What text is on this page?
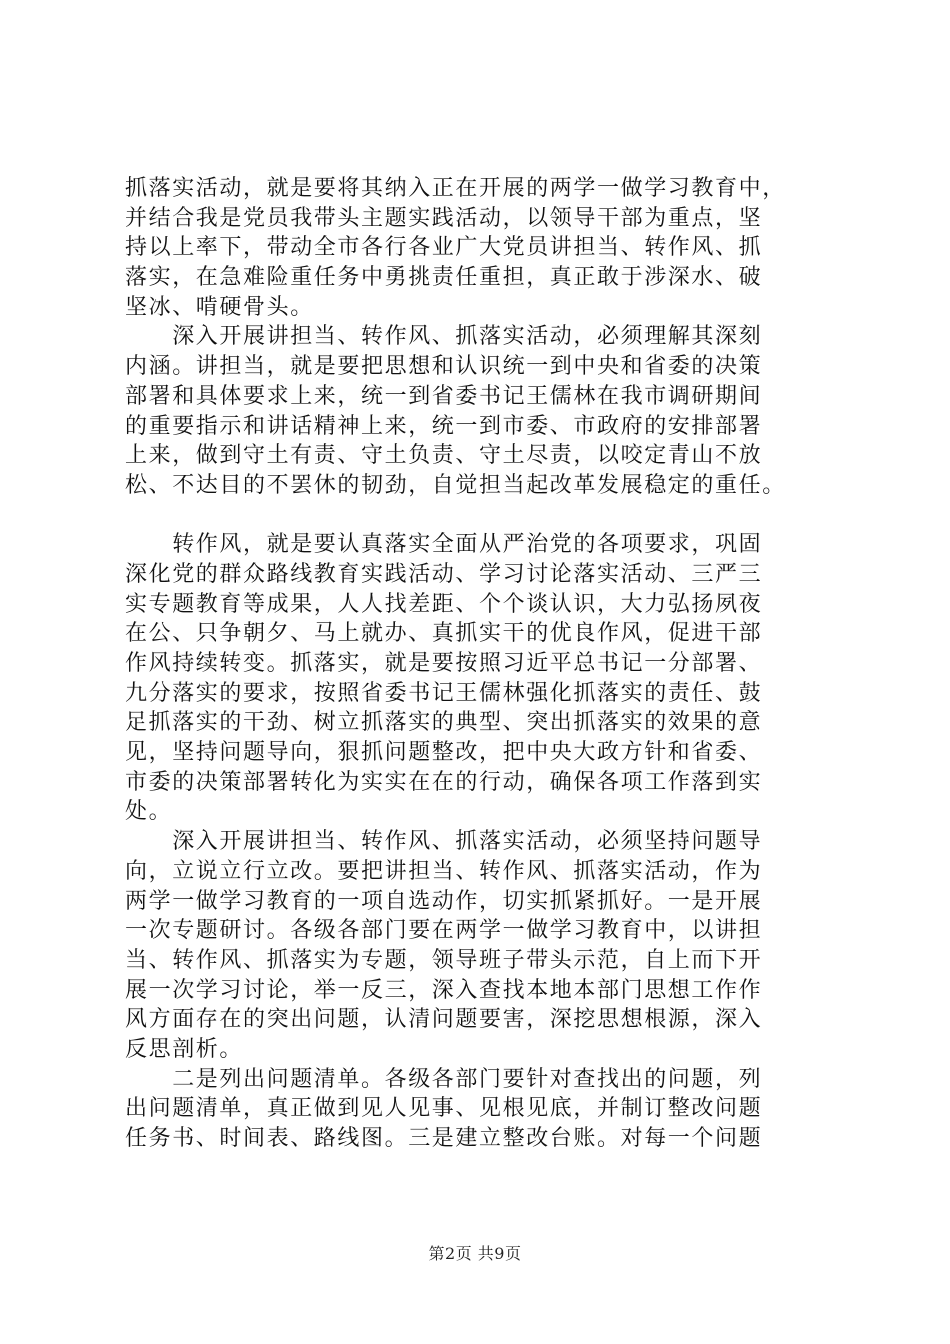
抓落实活动，就是要将其纳入正在开展的两学一做学习教育中，
并结合我是党员我带头主题实践活动，以领导干部为重点，坚
持以上率下，带动全市各行各业广大党员讲担当、转作风、抓
落实，在急难险重任务中勇挑责任重担，真正敢于涉深水、破
坚冰、啃硬骨头。
　　深入开展讲担当、转作风、抓落实活动，必须理解其深刻
内涵。讲担当，就是要把思想和认识统一到中央和省委的决策
部署和具体要求上来，统一到省委书记王儒林在我市调研期间
的重要指示和讲话精神上来，统一到市委、市政府的安排部署
上来，做到守土有责、守土负责、守土尽责，以咬定青山不放
松、不达目的不罢休的韧劲，自觉担当起改革发展稳定的重任。
　　转作风，就是要认真落实全面从严治党的各项要求，巩固
深化党的群众路线教育实践活动、学习讨论落实活动、三严三
实专题教育等成果，人人找差距、个个谈认识，大力弘扬夙夜
在公、只争朝夕、马上就办、真抓实干的优良作风，促进干部
作风持续转变。抓落实，就是要按照习近平总书记一分部署、
九分落实的要求，按照省委书记王儒林强化抓落实的责任、鼓
足抓落实的干劲、树立抓落实的典型、突出抓落实的效果的意
见，坚持问题导向，狠抓问题整改，把中央大政方针和省委、
市委的决策部署转化为实实在在的行动，确保各项工作落到实
处。
　　深入开展讲担当、转作风、抓落实活动，必须坚持问题导
向，立说立行立改。要把讲担当、转作风、抓落实活动，作为
两学一做学习教育的一项自选动作，切实抓紧抓好。一是开展
一次专题研讨。各级各部门要在两学一做学习教育中，以讲担
当、转作风、抓落实为专题，领导班子带头示范，自上而下开
展一次学习讨论，举一反三，深入查找本地本部门思想工作作
风方面存在的突出问题，认清问题要害，深挖思想根源，深入
反思剖析。
　　二是列出问题清单。各级各部门要针对查找出的问题，列
出问题清单，真正做到见人见事、见根见底，并制订整改问题
任务书、时间表、路线图。三是建立整改台账。对每一个问题
第2页 共9页
